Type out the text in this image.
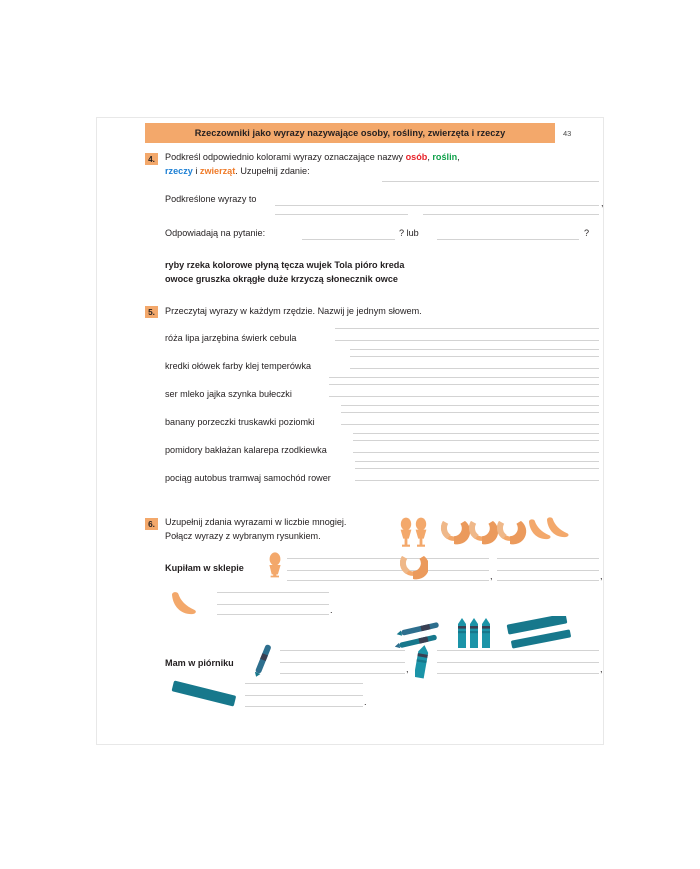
Rzeczowniki jako wyrazy nazywające osoby, rośliny, zwierzęta i rzeczy	43
4.	Podkreśl odpowiednio kolorami wyrazy oznaczające nazwy osób, roślin,
rzeczy i zwierząt. Uzupełnij zdanie:
Podkreślone wyrazy to	,
Odpowiadają na pytanie:	? lub	?
ryby rzeka kolorowe płyną tęcza wujek Tola pióro kreda
owoce gruszka okrągłe duże krzyczą słonecznik owce
5.	Przeczytaj wyrazy w każdym rzędzie. Nazwij je jednym słowem.
róża lipa jarzębina świerk cebula
kredki ołówek farby klej temperówka
ser mleko jajka szynka bułeczki
banany porzeczki truskawki poziomki
pomidory bakłażan kalarepa rzodkiewka
pociąg autobus tramwaj samochód rower
6.	Uzupełnij zdania wyrazami w liczbie mnogiej.
Połącz wyrazy z wybranym rysunkiem.
Kupiłam w sklepie
,	,
.
Mam w piórniku
,	,
.
